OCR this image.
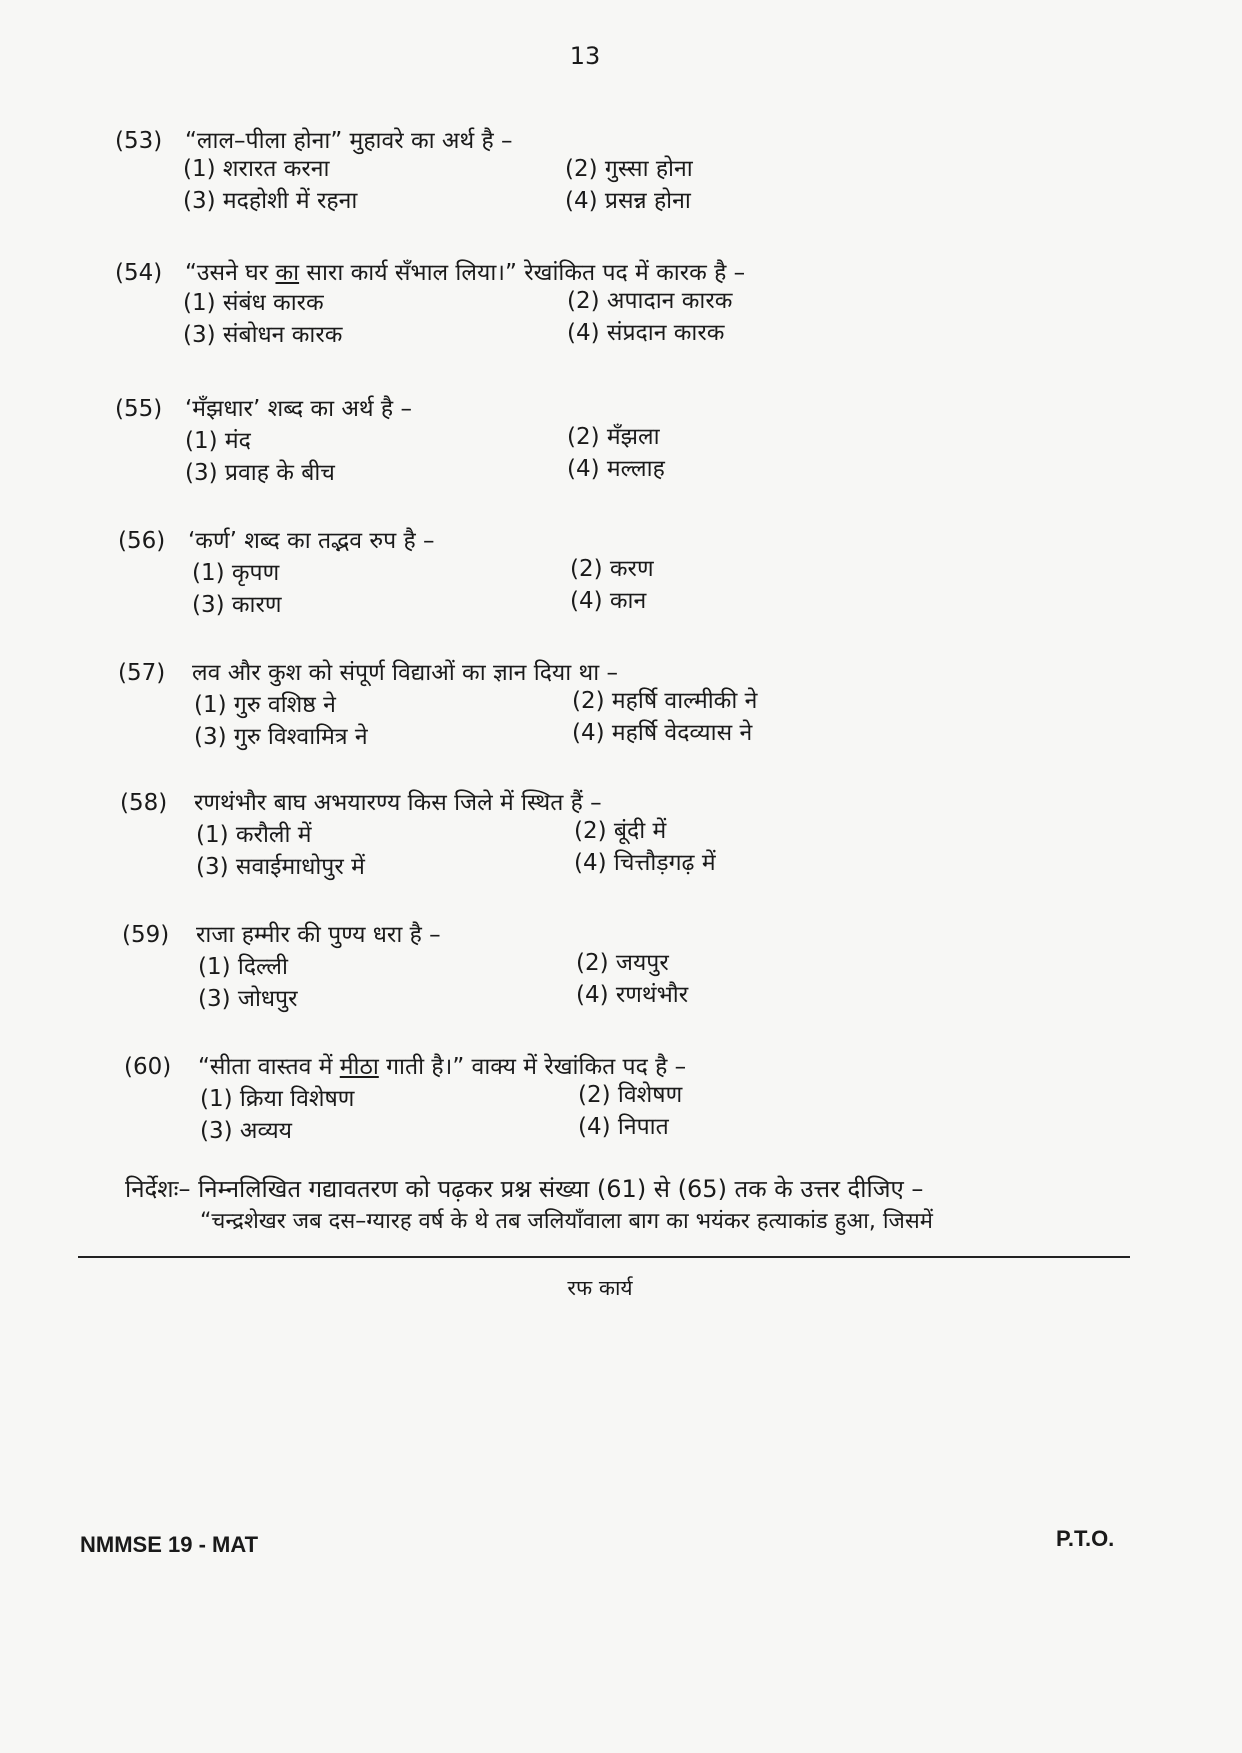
13
(53) “लाल–पीला होना” मुहावरे का अर्थ है –
(1) शरारत करना	(2) गुस्सा होना
(3) मदहोशी में रहना	(4) प्रसन्न होना
(54) “उसने घर का सारा कार्य सँभाल लिया।” रेखांकित पद में कारक है –
(1) संबंध कारक	(2) अपादान कारक
(3) संबोधन कारक	(4) संप्रदान कारक
(55) ‘मँझधार’ शब्द का अर्थ है –
(1) मंद	(2) मँझला
(3) प्रवाह के बीच	(4) मल्लाह
(56) ‘कर्ण’ शब्द का तद्भव रुप है –
(1) कृपण	(2) करण
(3) कारण	(4) कान
(57)	लव और कुश को संपूर्ण विद्याओं का ज्ञान दिया था –
(1) गुरु वशिष्ठ ने	(2) महर्षि वाल्मीकी ने
(3) गुरु विश्वामित्र ने	(4) महर्षि वेदव्यास ने
(58)	रणथंभौर बाघ अभयारण्य किस जिले में स्थित हैं –
(1) करौली में	(2) बूंदी में
(3) सवाईमाधोपुर में	(4) चित्तौड़गढ़ में
(59)	राजा हम्मीर की पुण्य धरा है –
(1) दिल्ली	(2) जयपुर
(3) जोधपुर	(4) रणथंभौर
(60)	“सीता वास्तव में मीठा गाती है।” वाक्य में रेखांकित पद है –
(1) क्रिया विशेषण	(2) विशेषण
(3) अव्यय	(4) निपात
निर्देशः– निम्नलिखित गद्यावतरण को पढ़कर प्रश्न संख्या (61) से (65) तक के उत्तर दीजिए –
“चन्द्रशेखर जब दस–ग्यारह वर्ष के थे तब जलियाँवाला बाग का भयंकर हत्याकांड हुआ, जिसमें
रफ कार्य
NMMSE 19 - MAT	P.T.O.
